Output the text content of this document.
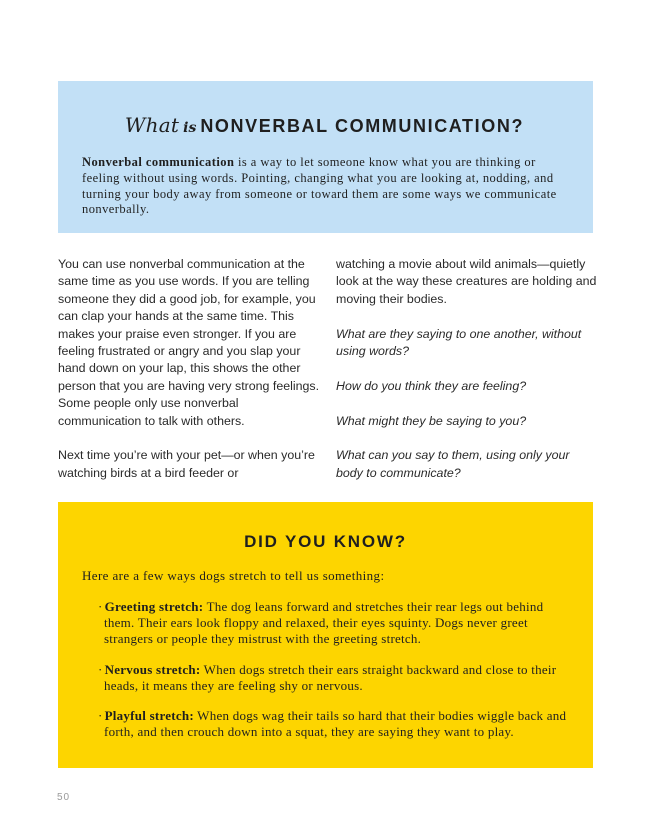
What is NONVERBAL COMMUNICATION?

Nonverbal communication is a way to let someone know what you are thinking or feeling without using words. Pointing, changing what you are looking at, nodding, and turning your body away from someone or toward them are some ways we communicate nonverbally.

You can use nonverbal communication at the same time as you use words. If you are telling someone they did a good job, for example, you can clap your hands at the same time. This makes your praise even stronger. If you are feeling frustrated or angry and you slap your hand down on your lap, this shows the other person that you are having very strong feelings. Some people only use nonverbal communication to talk with others.

Next time you’re with your pet—or when you’re watching birds at a bird feeder or

watching a movie about wild animals—quietly look at the way these creatures are holding and moving their bodies.

What are they saying to one another, without using words?

How do you think they are feeling?

What might they be saying to you?

What can you say to them, using only your body to communicate?

DID YOU KNOW?

Here are a few ways dogs stretch to tell us something:

· Greeting stretch: The dog leans forward and stretches their rear legs out behind them. Their ears look floppy and relaxed, their eyes squinty. Dogs never greet strangers or people they mistrust with the greeting stretch.
· Nervous stretch: When dogs stretch their ears straight backward and close to their heads, it means they are feeling shy or nervous.
· Playful stretch: When dogs wag their tails so hard that their bodies wiggle back and forth, and then crouch down into a squat, they are saying they want to play.
50
